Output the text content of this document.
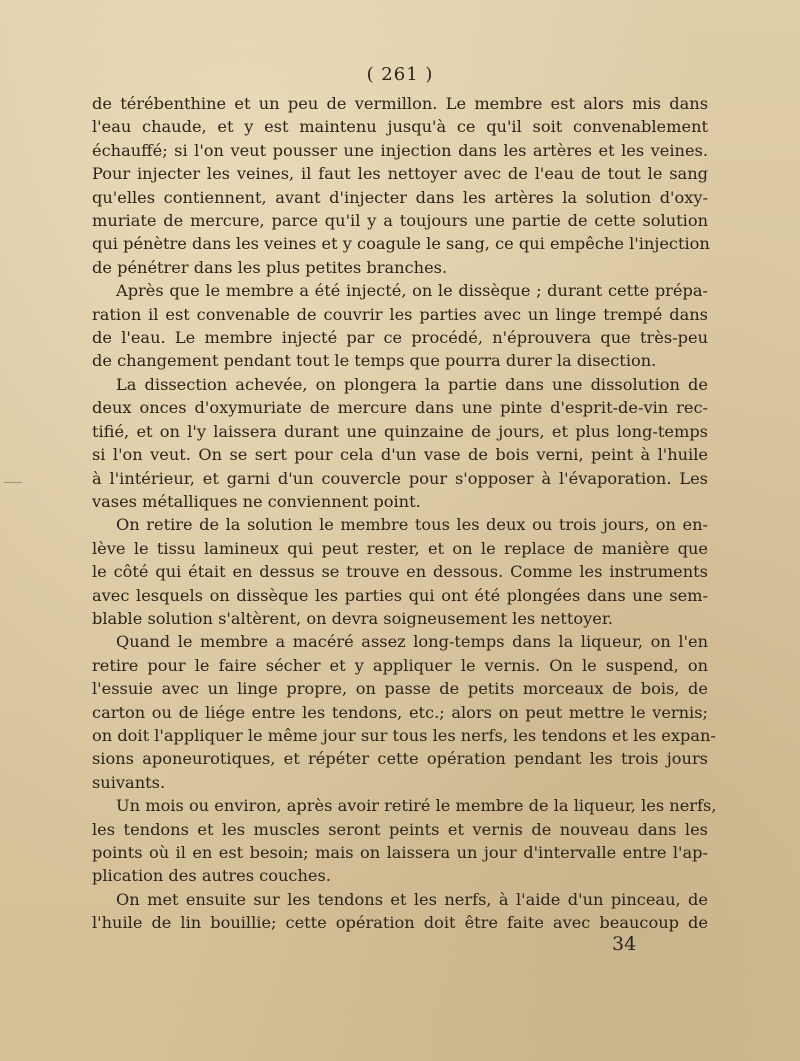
( 261 )

de térébenthine et un peu de vermillon. Le membre est alors mis dans
l'eau chaude, et y est maintenu jusqu'à ce qu'il soit convenablement
échauffé; si l'on veut pousser une injection dans les artères et les veines.
Pour injecter les veines, il faut les nettoyer avec de l'eau de tout le sang
qu'elles contiennent, avant d'injecter dans les artères la solution d'oxy-
muriate de mercure, parce qu'il y a toujours une partie de cette solution
qui pénètre dans les veines et y coagule le sang, ce qui empêche l'injection
de pénétrer dans les plus petites branches.

Après que le membre a été injecté, on le dissèque ; durant cette prépa-
ration il est convenable de couvrir les parties avec un linge trempé dans
de l'eau. Le membre injecté par ce procédé, n'éprouvera que très-peu
de changement pendant tout le temps que pourra durer la disection.

La dissection achevée, on plongera la partie dans une dissolution de
deux onces d'oxymuriate de mercure dans une pinte d'esprit-de-vin rec-
tifié, et on l'y laissera durant une quinzaine de jours, et plus long-temps
si l'on veut. On se sert pour cela d'un vase de bois verni, peint à l'huile
à l'intérieur, et garni d'un couvercle pour s'opposer à l'évaporation. Les
vases métalliques ne conviennent point.

On retire de la solution le membre tous les deux ou trois jours, on en-
lève le tissu lamineux qui peut rester, et on le replace de manière que
le côté qui était en dessus se trouve en dessous. Comme les instruments
avec lesquels on dissèque les parties qui ont été plongées dans une sem-
blable solution s'altèrent, on devra soigneusement les nettoyer.

Quand le membre a macéré assez long-temps dans la liqueur, on l'en
retire pour le faire sécher et y appliquer le vernis. On le suspend, on
l'essuie avec un linge propre, on passe de petits morceaux de bois, de
carton ou de liége entre les tendons, etc.; alors on peut mettre le vernis;
on doit l'appliquer le même jour sur tous les nerfs, les tendons et les expan-
sions aponeurotiques, et répéter cette opération pendant les trois jours
suivants.

Un mois ou environ, après avoir retiré le membre de la liqueur, les nerfs,
les tendons et les muscles seront peints et vernis de nouveau dans les
points où il en est besoin; mais on laissera un jour d'intervalle entre l'ap-
plication des autres couches.

On met ensuite sur les tendons et les nerfs, à l'aide d'un pinceau, de
l'huile de lin bouillie; cette opération doit être faite avec beaucoup de

34
